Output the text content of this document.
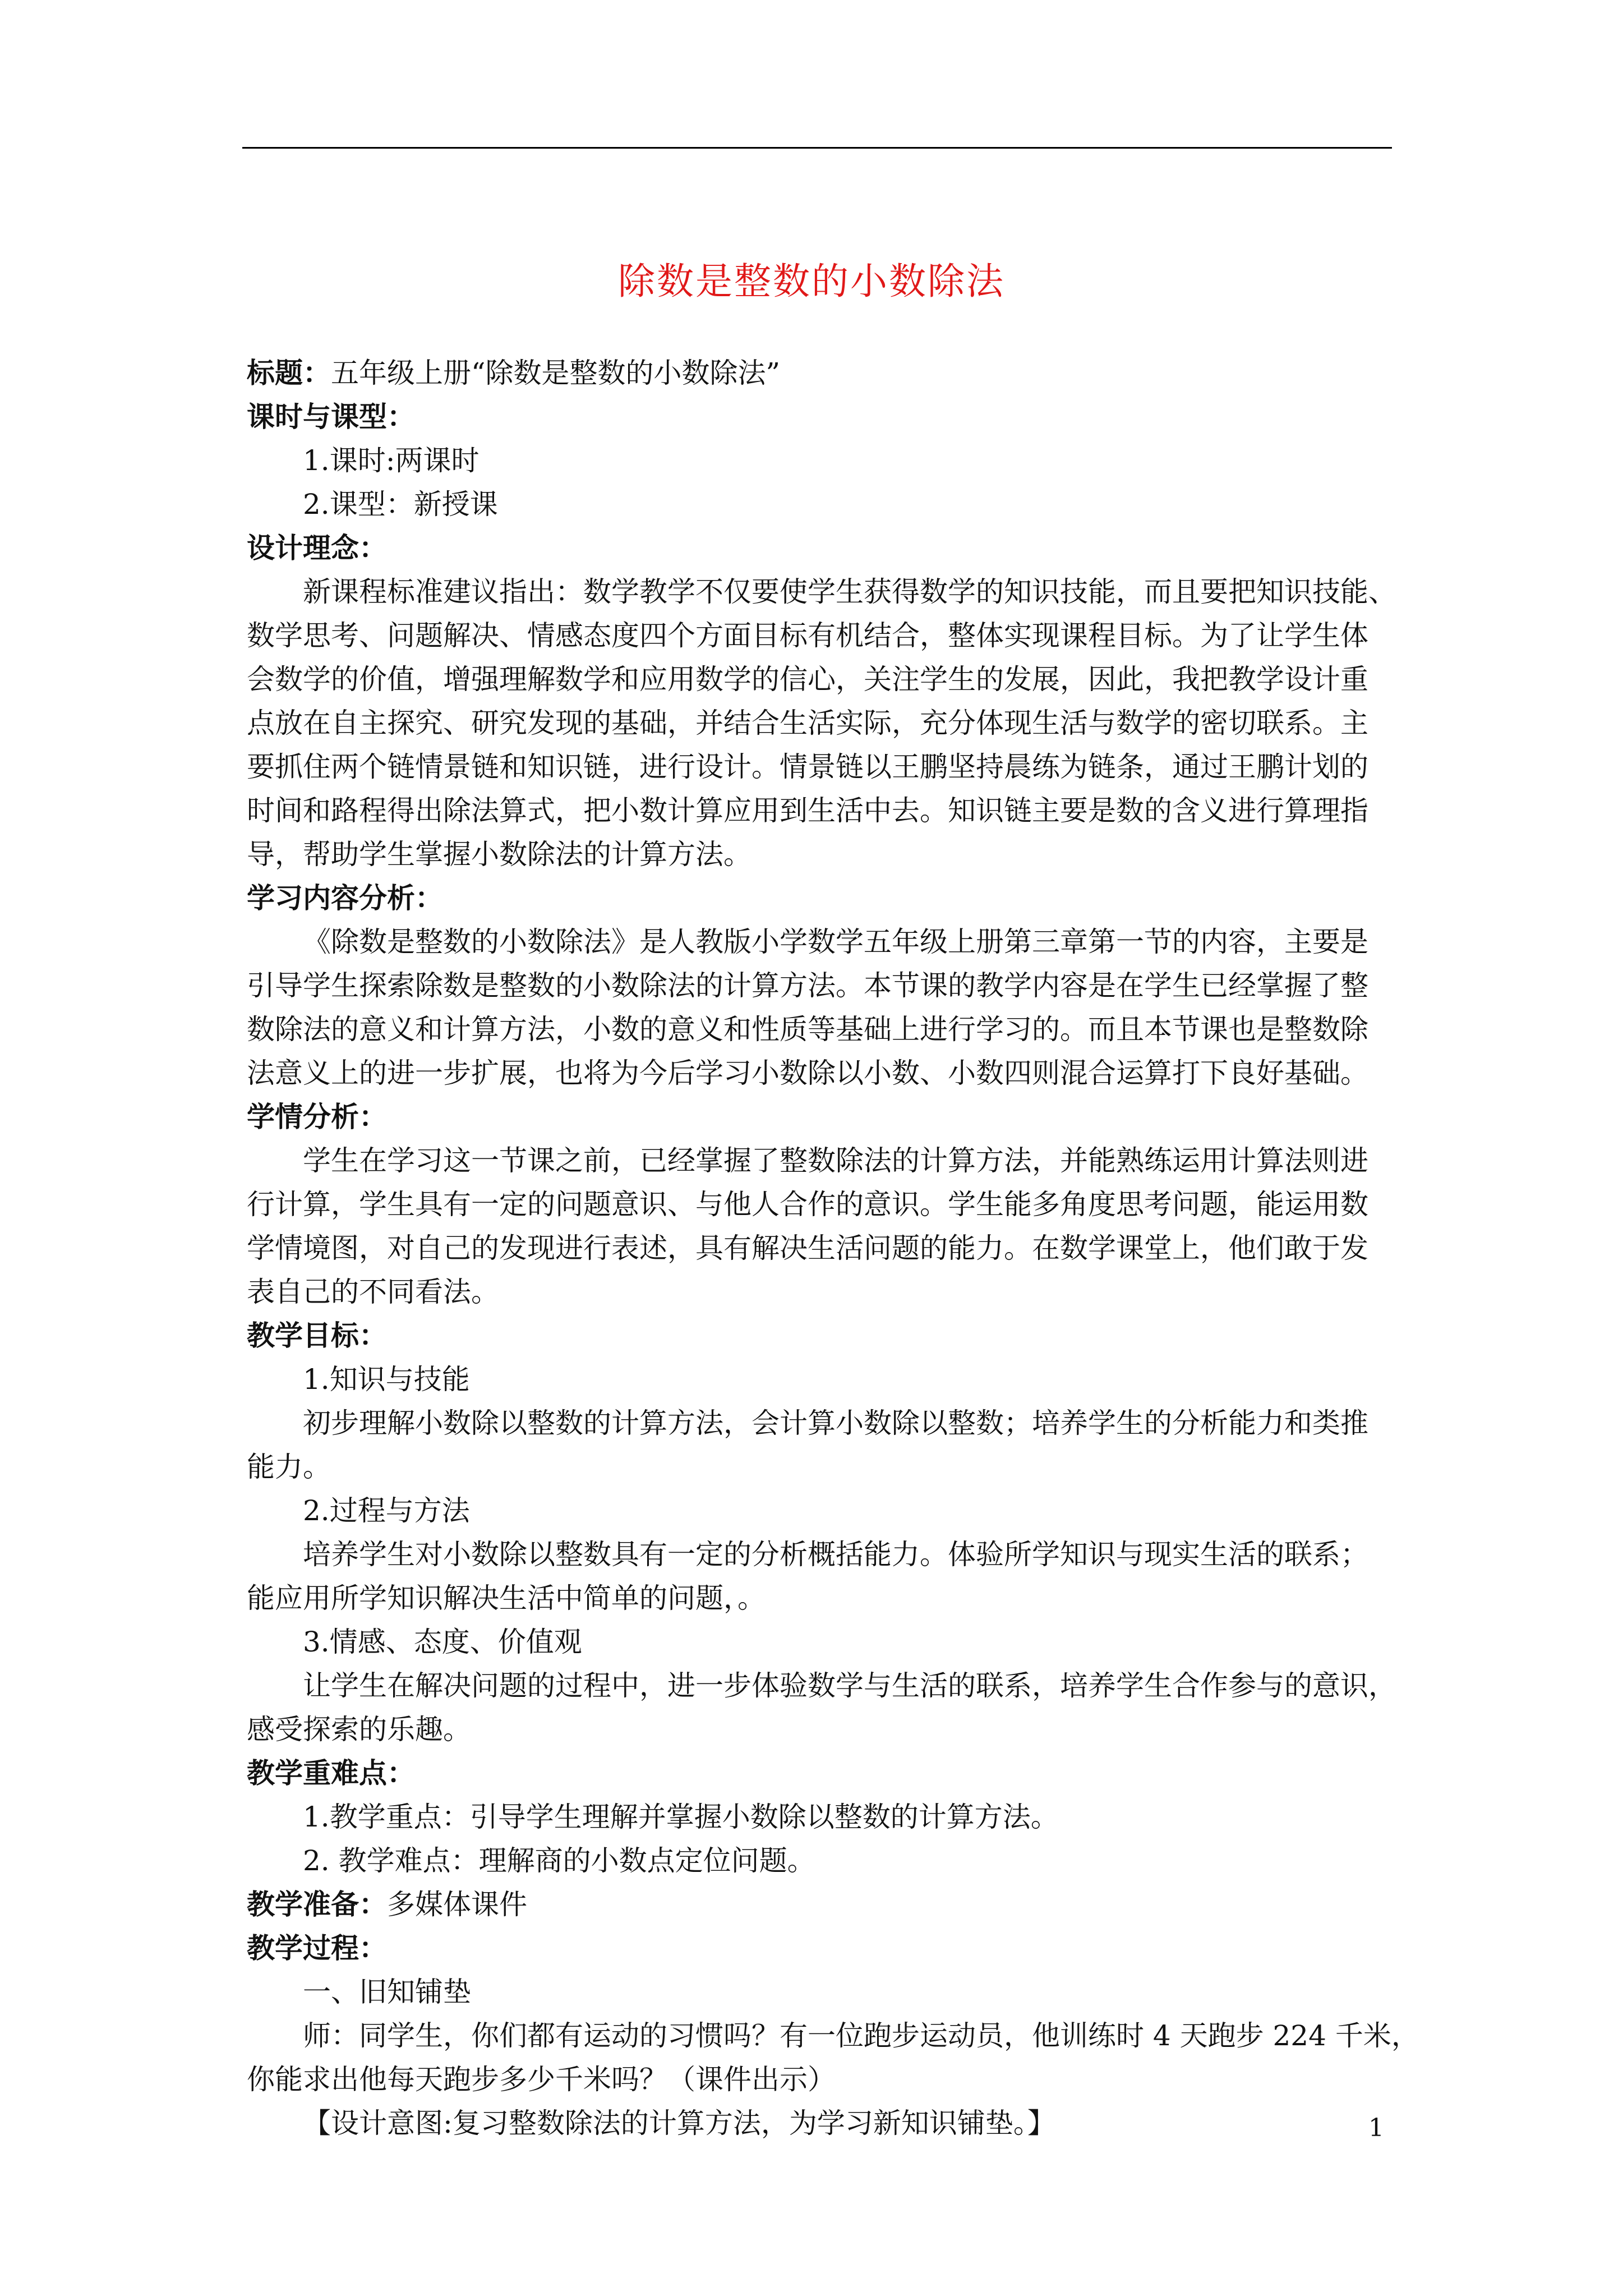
除数是整数的小数除法
标题：五年级上册“除数是整数的小数除法”
课时与课型：
1.课时:两课时
2.课型：新授课
设计理念：
新课程标准建议指出：数学教学不仅要使学生获得数学的知识技能，而且要把知识技能、
数学思考、问题解决、情感态度四个方面目标有机结合，整体实现课程目标。为了让学生体
会数学的价值，增强理解数学和应用数学的信心，关注学生的发展，因此，我把教学设计重
点放在自主探究、研究发现的基础，并结合生活实际，充分体现生活与数学的密切联系。主
要抓住两个链情景链和知识链，进行设计。情景链以王鹏坚持晨练为链条，通过王鹏计划的
时间和路程得出除法算式，把小数计算应用到生活中去。知识链主要是数的含义进行算理指
导，帮助学生掌握小数除法的计算方法。
学习内容分析：
《除数是整数的小数除法》是人教版小学数学五年级上册第三章第一节的内容，主要是
引导学生探索除数是整数的小数除法的计算方法。本节课的教学内容是在学生已经掌握了整
数除法的意义和计算方法，小数的意义和性质等基础上进行学习的。而且本节课也是整数除
法意义上的进一步扩展，也将为今后学习小数除以小数、小数四则混合运算打下良好基础。
学情分析：
学生在学习这一节课之前，已经掌握了整数除法的计算方法，并能熟练运用计算法则进
行计算，学生具有一定的问题意识、与他人合作的意识。学生能多角度思考问题，能运用数
学情境图，对自己的发现进行表述，具有解决生活问题的能力。在数学课堂上，他们敢于发
表自己的不同看法。
教学目标：
1.知识与技能
初步理解小数除以整数的计算方法，会计算小数除以整数；培养学生的分析能力和类推
能力。
2.过程与方法
培养学生对小数除以整数具有一定的分析概括能力。体验所学知识与现实生活的联系；
能应用所学知识解决生活中简单的问题，。
3.情感、态度、价值观
让学生在解决问题的过程中，进一步体验数学与生活的联系，培养学生合作参与的意识，
感受探索的乐趣。
教学重难点：
1.教学重点：引导学生理解并掌握小数除以整数的计算方法。
2. 教学难点：理解商的小数点定位问题。
教学准备：多媒体课件
教学过程：
一、旧知铺垫
师：同学生，你们都有运动的习惯吗？有一位跑步运动员，他训练时 4 天跑步 224 千米，
你能求出他每天跑步多少千米吗？（课件出示）
【设计意图:复习整数除法的计算方法，为学习新知识铺垫。】	1
